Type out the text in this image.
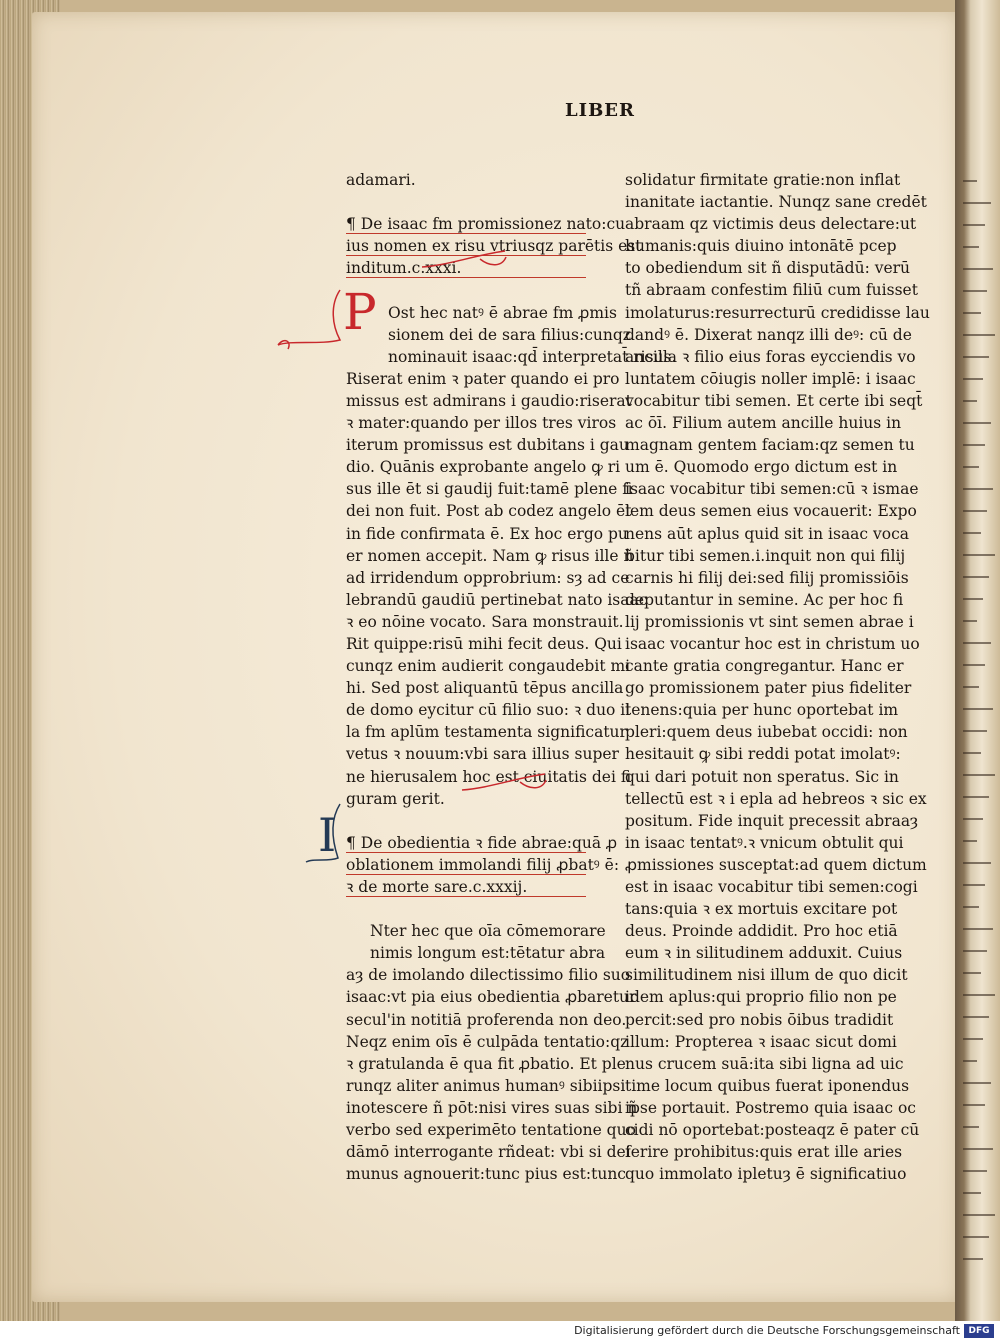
LIBER
adamari.
¶ De isaac fm promissionez nato:cu
ius nomen ex risu vtriusqz parētis est
inditum.c.xxxi.
Ost hec natꝰ ē abrae fm ꝓmis
sionem dei de sara filius:cunqz
nominauit isaac:qd̄ interpretat̄ risus.
Riserat enim ꝛ pater quando ei pro
missus est admirans i gaudio:riserat
ꝛ mater:quando per illos tres viros
iterum promissus est dubitans i gau
dio. Quānis exprobante angelo ꝙ ri
sus ille ēt si gaudij fuit:tamē plene fi
dei non fuit. Post ab codez angelo ēt
in fide confirmata ē. Ex hoc ergo pu
er nomen accepit. Nam ꝙ risus ille ñ
ad irridendum opprobrium: sȝ ad ce
lebrandū gaudiū pertinebat nato isaac
ꝛ eo nōine vocato. Sara monstrauit.
Rit quippe:risū mihi fecit deus. Qui
cunqz enim audierit congaudebit mi
hi. Sed post aliquantū tēpus ancilla
de domo eycitur cū filio suo: ꝛ duo il
la fm aplūm testamenta significatur
vetus ꝛ nouum:vbi sara illius super
ne hierusalem hoc est ciuitatis dei fi
guram gerit.
¶ De obedientia ꝛ fide abrae:quā ꝓ
oblationem immolandi filij ꝓbatꝰ ē:
ꝛ de morte sare.c.xxxij.
Nter hec que oīa cōmemorare
nimis longum est:tētatur abra
aȝ de imolando dilectissimo filio suo
isaac:vt pia eius obedientia ꝓbaretur
secul'in notitiā proferenda non deo.
Neqz enim oīs ē culpāda tentatio:qz
ꝛ gratulanda ē qua fit ꝓbatio. Et ple
runqz aliter animus humanꝰ sibiipsi
inotescere ñ pōt:nisi vires suas sibi ñ
verbo sed experimēto tentatione quo
dāmō interrogante rñdeat: vbi si dei
munus agnouerit:tunc pius est:tunc
P
I
solidatur firmitate gratie:non inflat
inanitate iactantie. Nunqz sane credēt
abraam qz victimis deus delectare:ut
humanis:quis diuino intonātē pcep
to obediendum sit ñ disputādū: verū
tñ abraam confestim filiū cum fuisset
imolaturus:resurrecturū credidisse lau
dandꝰ ē. Dixerat nanqz illi deꝰ: cū de
ancilla ꝛ filio eius foras eycciendis vo
luntatem cōiugis noller implē: i isaac
vocabitur tibi semen. Et certe ibi seqt̄
ac ōī. Filium autem ancille huius in
magnam gentem faciam:qz semen tu
um ē. Quomodo ergo dictum est in
isaac vocabitur tibi semen:cū ꝛ ismae
lem deus semen eius vocauerit: Expo
nens aūt aplus quid sit in isaac voca
bitur tibi semen.i.inquit non qui filij
carnis hi filij dei:sed filij promissiōis
deputantur in semine. Ac per hoc fi
lij promissionis vt sint semen abrae i
isaac vocantur hoc est in christum uo
cante gratia congregantur. Hanc er
go promissionem pater pius fideliter
tenens:quia per hunc oportebat im
pleri:quem deus iubebat occidi: non
hesitauit ꝙ sibi reddi potat imolatꝰ:
qui dari potuit non speratus. Sic in
tellectū est ꝛ i epla ad hebreos ꝛ sic ex
positum. Fide inquit precessit abraaȝ
in isaac tentatꝰ.ꝛ vnicum obtulit qui
ꝓmissiones susceptat:ad quem dictum
est in isaac vocabitur tibi semen:cogi
tans:quia ꝛ ex mortuis excitare pot
deus. Proinde addidit. Pro hoc etiā
eum ꝛ in silitudinem adduxit. Cuius
similitudinem nisi illum de quo dicit
idem aplus:qui proprio filio non pe
percit:sed pro nobis ōibus tradidit
illum: Propterea ꝛ isaac sicut domi
nus crucem suā:ita sibi ligna ad uic
time locum quibus fuerat iponendus
ipse portauit. Postremo quia isaac oc
cidi nō oportebat:posteaqz ē pater cū
ferire prohibitus:quis erat ille aries
quo immolato ipletuȝ ē significatiuo
Digitalisierung gefördert durch die Deutsche Forschungsgemeinschaft DFG
